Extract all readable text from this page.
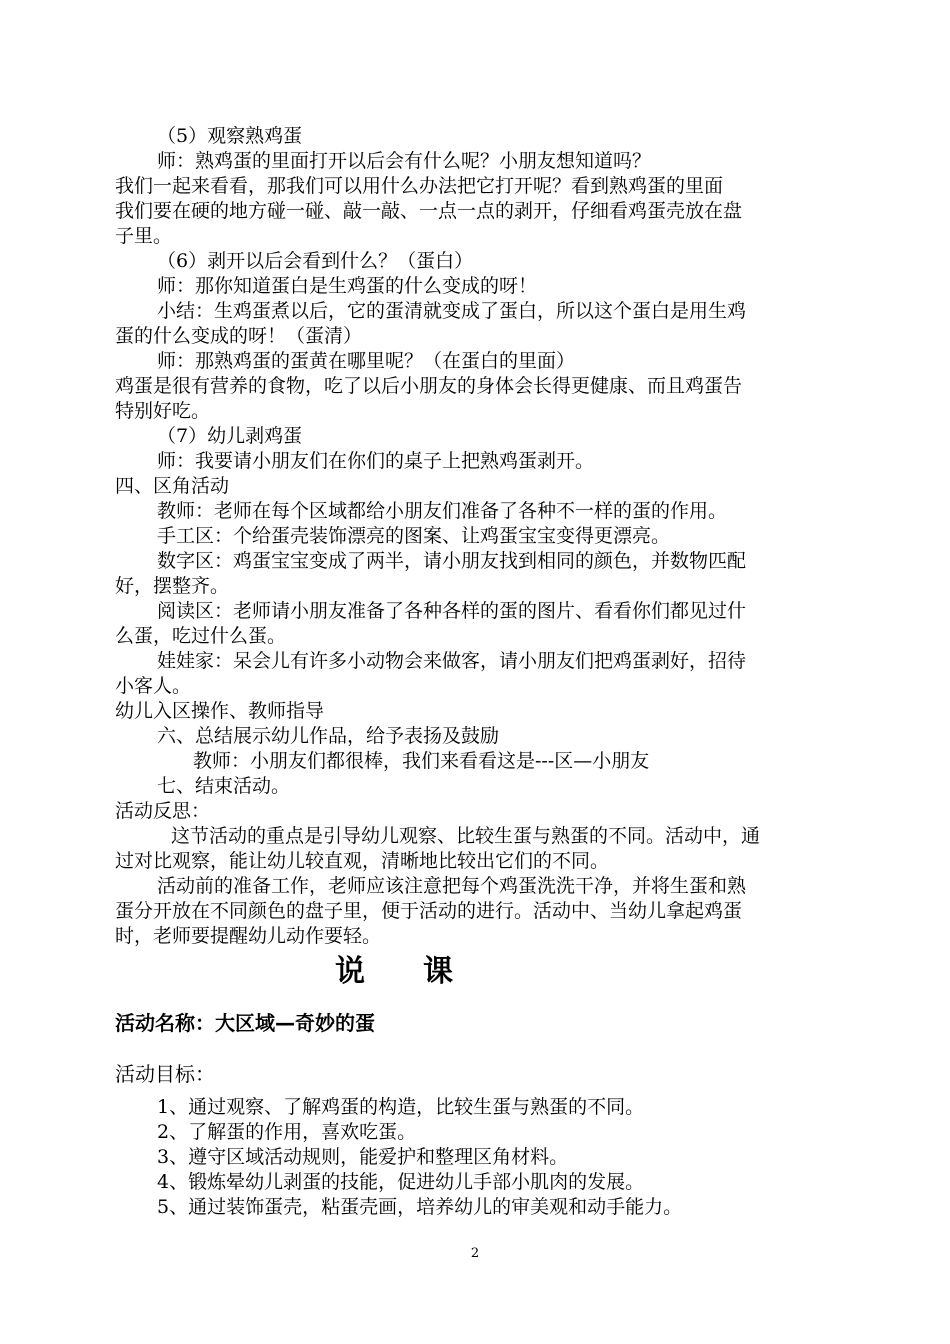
（5）观察熟鸡蛋
师：熟鸡蛋的里面打开以后会有什么呢？小朋友想知道吗？
我们一起来看看，那我们可以用什么办法把它打开呢？看到熟鸡蛋的里面
我们要在硬的地方碰一碰、敲一敲、一点一点的剥开，仔细看鸡蛋壳放在盘
子里。
（6）剥开以后会看到什么？（蛋白）
师：那你知道蛋白是生鸡蛋的什么变成的呀！
小结：生鸡蛋煮以后，它的蛋清就变成了蛋白，所以这个蛋白是用生鸡
蛋的什么变成的呀！（蛋清）
师：那熟鸡蛋的蛋黄在哪里呢？（在蛋白的里面）
鸡蛋是很有营养的食物，吃了以后小朋友的身体会长得更健康、而且鸡蛋告
特别好吃。
（7）幼儿剥鸡蛋
师：我要请小朋友们在你们的桌子上把熟鸡蛋剥开。
四、区角活动
教师：老师在每个区域都给小朋友们准备了各种不一样的蛋的作用。
手工区：个给蛋壳装饰漂亮的图案、让鸡蛋宝宝变得更漂亮。
数字区：鸡蛋宝宝变成了两半，请小朋友找到相同的颜色，并数物匹配
好，摆整齐。
阅读区：老师请小朋友准备了各种各样的蛋的图片、看看你们都见过什
么蛋，吃过什么蛋。
娃娃家：呆会儿有许多小动物会来做客，请小朋友们把鸡蛋剥好，招待
小客人。
幼儿入区操作、教师指导
六、总结展示幼儿作品，给予表扬及鼓励
教师：小朋友们都很棒，我们来看看这是---区—小朋友
七、结束活动。
活动反思：
这节活动的重点是引导幼儿观察、比较生蛋与熟蛋的不同。活动中，通
过对比观察，能让幼儿较直观，清晰地比较出它们的不同。
活动前的准备工作，老师应该注意把每个鸡蛋洗洗干净，并将生蛋和熟
蛋分开放在不同颜色的盘子里，便于活动的进行。活动中、当幼儿拿起鸡蛋
时，老师要提醒幼儿动作要轻。
说课
活动名称：大区域—奇妙的蛋
活动目标：
1、通过观察、了解鸡蛋的构造，比较生蛋与熟蛋的不同。
2、了解蛋的作用，喜欢吃蛋。
3、遵守区域活动规则，能爱护和整理区角材料。
4、锻炼晕幼儿剥蛋的技能，促进幼儿手部小肌肉的发展。
5、通过装饰蛋壳，粘蛋壳画，培养幼儿的审美观和动手能力。
2
